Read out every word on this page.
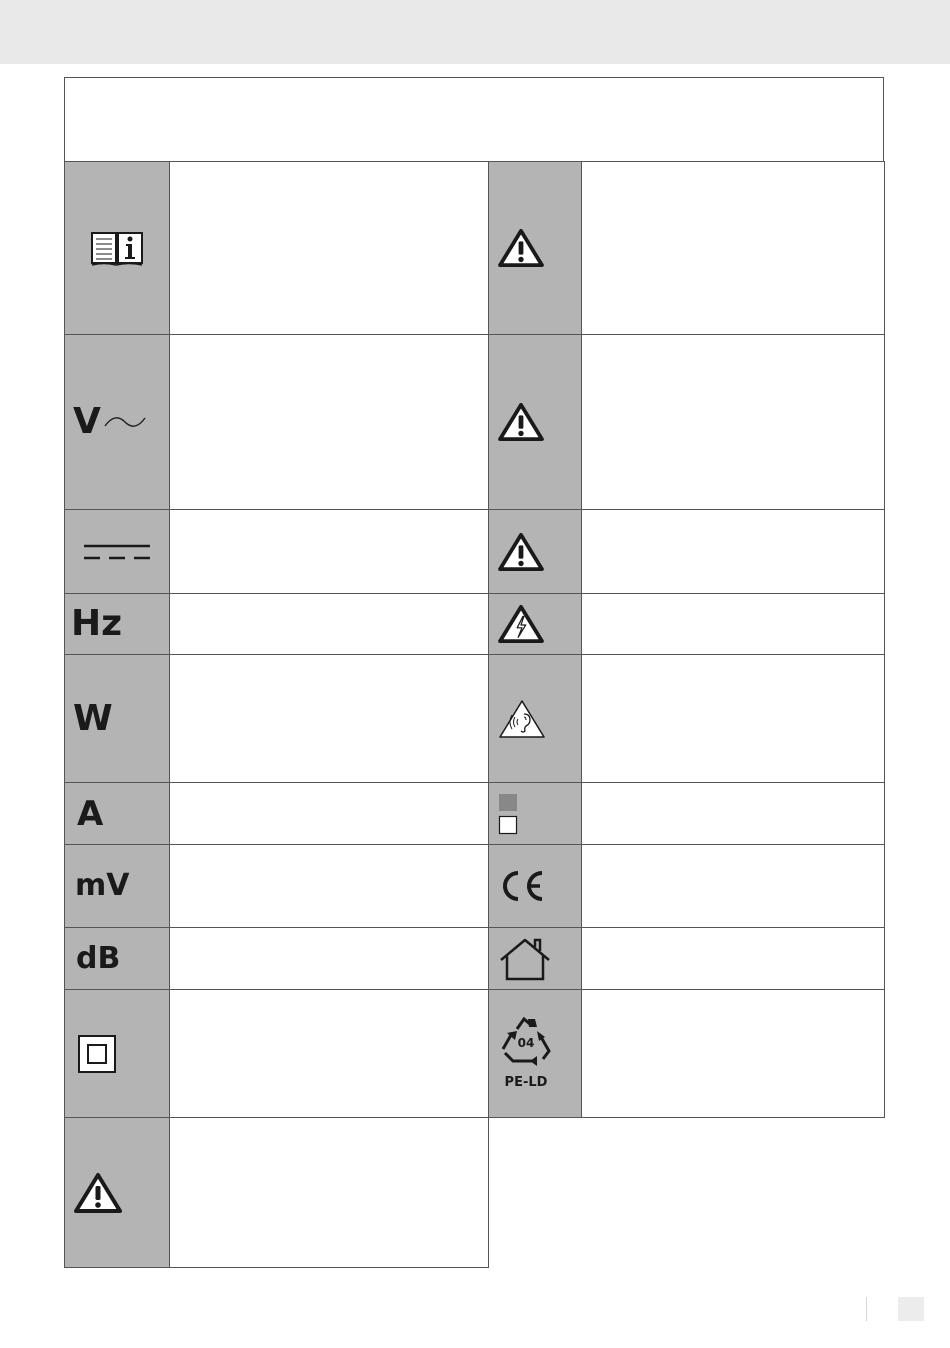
V
Hz
W
A
mV
dB
04
PE-LD
